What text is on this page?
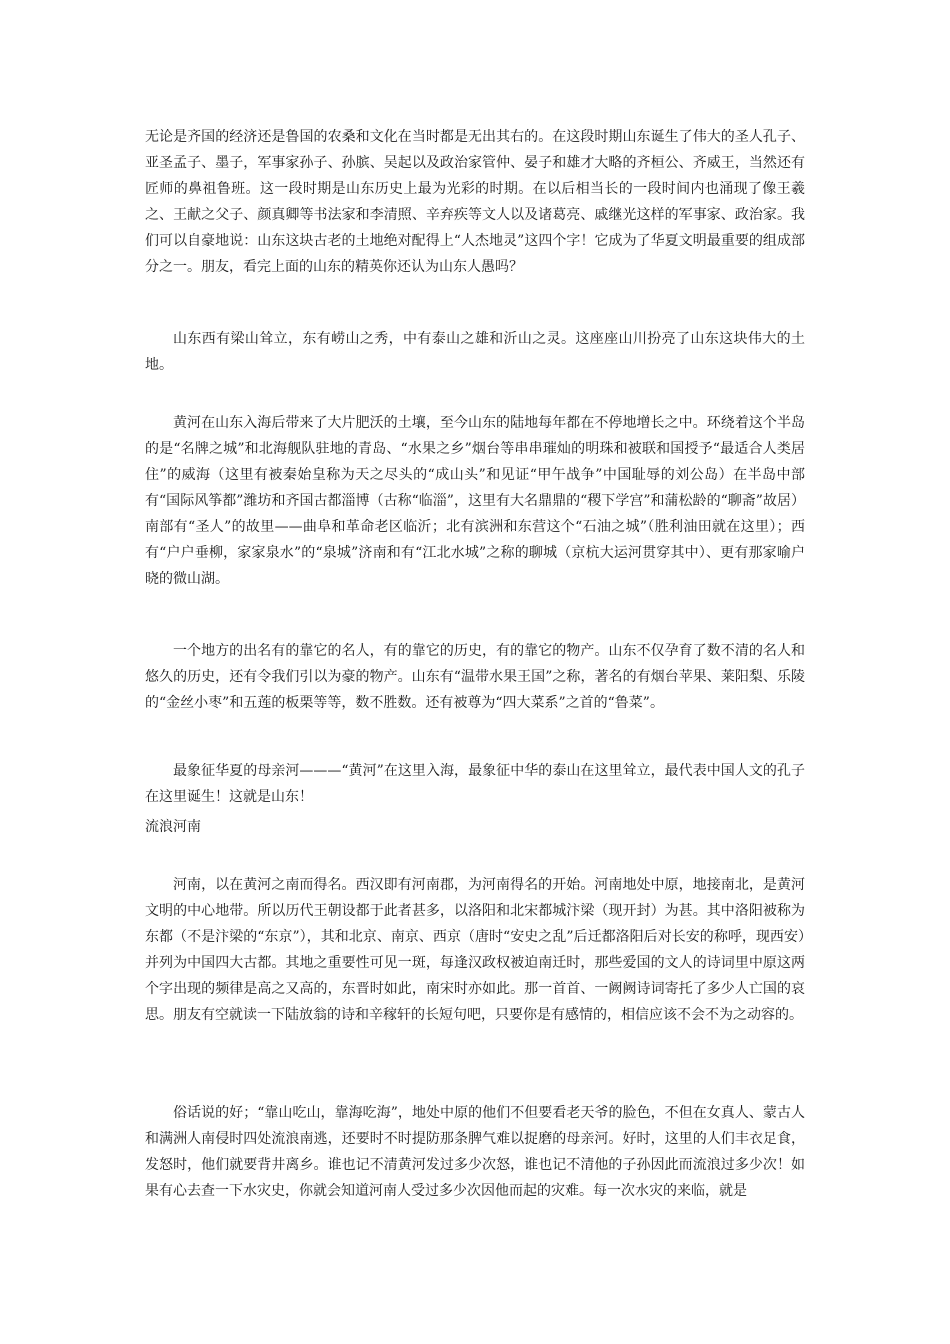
无论是齐国的经济还是鲁国的农桑和文化在当时都是无出其右的。在这段时期山东诞生了伟大的圣人孔子、亚圣孟子、墨子，军事家孙子、孙膑、吴起以及政治家管仲、晏子和雄才大略的齐桓公、齐威王，当然还有匠师的鼻祖鲁班。这一段时期是山东历史上最为光彩的时期。在以后相当长的一段时间内也涌现了像王羲之、王献之父子、颜真卿等书法家和李清照、辛弃疾等文人以及诸葛亮、戚继光这样的军事家、政治家。我们可以自豪地说：山东这块古老的土地绝对配得上“人杰地灵”这四个字！它成为了华夏文明最重要的组成部分之一。朋友，看完上面的山东的精英你还认为山东人愚吗？

山东西有梁山耸立，东有崂山之秀，中有泰山之雄和沂山之灵。这座座山川扮亮了山东这块伟大的土地。

黄河在山东入海后带来了大片肥沃的土壤，至今山东的陆地每年都在不停地增长之中。环绕着这个半岛的是“名牌之城”和北海舰队驻地的青岛、“水果之乡”烟台等串串璀灿的明珠和被联和国授予“最适合人类居住”的威海（这里有被秦始皇称为天之尽头的“成山头”和见证“甲午战争”中国耻辱的刘公岛）在半岛中部有“国际风筝都”潍坊和齐国古都淄博（古称“临淄”，这里有大名鼎鼎的“稷下学宫”和蒲松龄的“聊斋”故居）南部有“圣人”的故里——曲阜和革命老区临沂；北有滨洲和东营这个“石油之城”（胜利油田就在这里）；西有“户户垂柳，家家泉水”的“泉城”济南和有“江北水城”之称的聊城（京杭大运河贯穿其中）、更有那家喻户晓的微山湖。

一个地方的出名有的靠它的名人，有的靠它的历史，有的靠它的物产。山东不仅孕育了数不清的名人和悠久的历史，还有令我们引以为豪的物产。山东有“温带水果王国”之称，著名的有烟台苹果、莱阳梨、乐陵的“金丝小枣”和五莲的板栗等等，数不胜数。还有被尊为“四大菜系”之首的“鲁菜”。

最象征华夏的母亲河———“黄河”在这里入海，最象征中华的泰山在这里耸立，最代表中国人文的孔子在这里诞生！这就是山东！

流浪河南

河南，以在黄河之南而得名。西汉即有河南郡，为河南得名的开始。河南地处中原，地接南北，是黄河文明的中心地带。所以历代王朝设都于此者甚多，以洛阳和北宋都城汴梁（现开封）为甚。其中洛阳被称为东都（不是汴梁的“东京”），其和北京、南京、西京（唐时“安史之乱”后迁都洛阳后对长安的称呼，现西安）并列为中国四大古都。其地之重要性可见一斑，每逢汉政权被迫南迁时，那些爱国的文人的诗词里中原这两个字出现的频律是高之又高的，东晋时如此，南宋时亦如此。那一首首、一阙阙诗词寄托了多少人亡国的哀思。朋友有空就读一下陆放翁的诗和辛稼轩的长短句吧，只要你是有感情的，相信应该不会不为之动容的。

俗话说的好；“靠山吃山，靠海吃海”，地处中原的他们不但要看老天爷的脸色，不但在女真人、蒙古人和满洲人南侵时四处流浪南逃，还要时不时提防那条脾气难以捉磨的母亲河。好时，这里的人们丰衣足食，发怒时，他们就要背井离乡。谁也记不清黄河发过多少次怒，谁也记不清他的子孙因此而流浪过多少次！如果有心去查一下水灾史，你就会知道河南人受过多少次因他而起的灾难。每一次水灾的来临，就是
